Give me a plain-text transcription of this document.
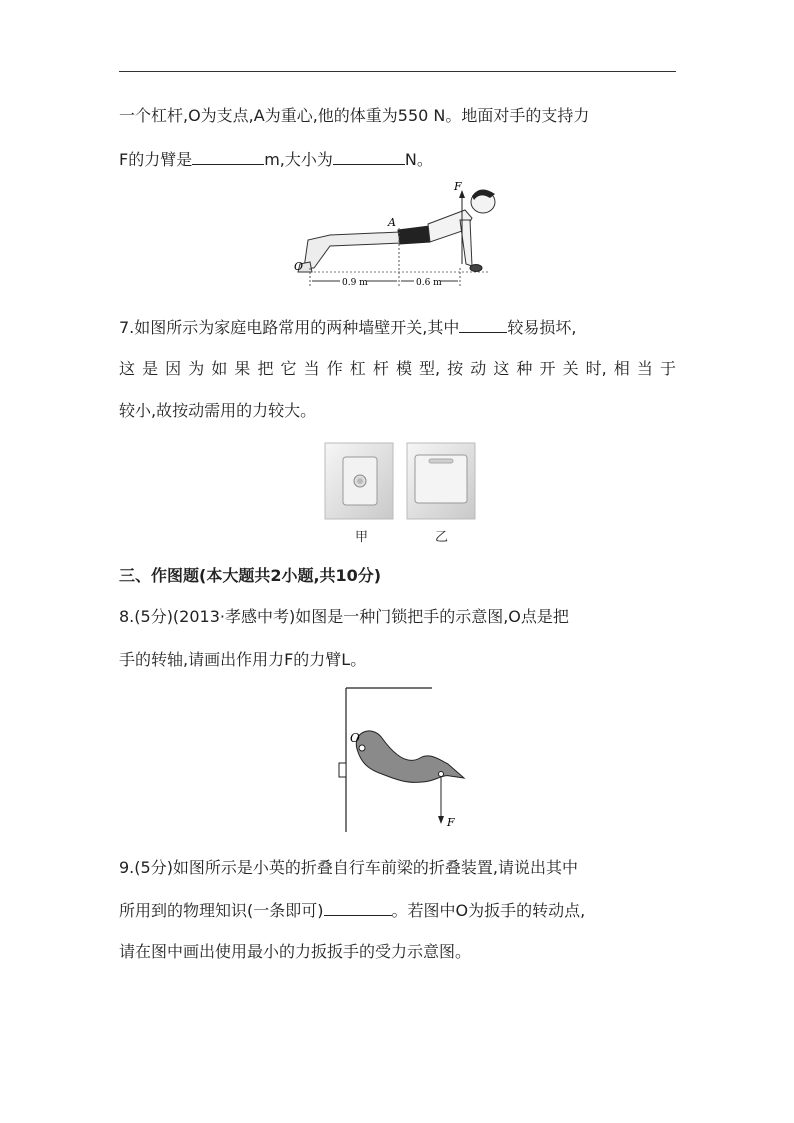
一个杠杆,O为支点,A为重心,他的体重为550 N。地面对手的支持力
F的力臂是	m,大小为	N。
F
A
O
0.9 m	0.6 m
7.如图所示为家庭电路常用的两种墙壁开关,其中	较易损坏,
这 是 因 为 如 果 把 它 当 作 杠 杆 模 型, 按 动 这 种 开 关 时, 相 当 于
较小,故按动需用的力较大。
甲	乙
三、作图题(本大题共2小题,共10分)
8.(5分)(2013·孝感中考)如图是一种门锁把手的示意图,O点是把
手的转轴,请画出作用力F的力臂L。
O
F
9.(5分)如图所示是小英的折叠自行车前梁的折叠装置,请说出其中
所用到的物理知识(一条即可)	。若图中O为扳手的转动点,
请在图中画出使用最小的力扳扳手的受力示意图。
